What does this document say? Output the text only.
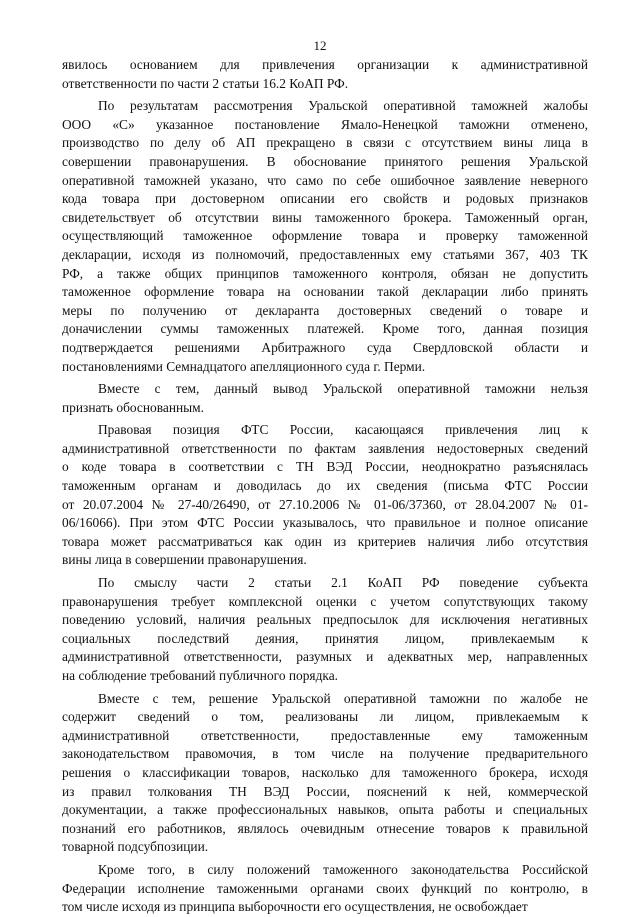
12
явилось основанием для привлечения организации к административной
ответственности по части 2 статьи 16.2 КоАП РФ.
По результатам рассмотрения Уральской оперативной таможней жалобы
ООО «С» указанное постановление Ямало-Ненецкой таможни отменено,
производство по делу об АП прекращено в связи с отсутствием вины лица в
совершении правонарушения. В обоснование принятого решения Уральской
оперативной таможней указано, что само по себе ошибочное заявление неверного
кода товара при достоверном описании его свойств и родовых признаков
свидетельствует об отсутствии вины таможенного брокера. Таможенный орган,
осуществляющий таможенное оформление товара и проверку таможенной
декларации, исходя из полномочий, предоставленных ему статьями 367, 403 ТК
РФ, а также общих принципов таможенного контроля, обязан не допустить
таможенное оформление товара на основании такой декларации либо принять
меры по получению от декларанта достоверных сведений о товаре и
доначислении суммы таможенных платежей. Кроме того, данная позиция
подтверждается решениями Арбитражного суда Свердловской области и
постановлениями Семнадцатого апелляционного суда г. Перми.
Вместе с тем, данный вывод Уральской оперативной таможни нельзя
признать обоснованным.
Правовая позиция ФТС России, касающаяся привлечения лиц к
административной ответственности по фактам заявления недостоверных сведений
о коде товара в соответствии с ТН ВЭД России, неоднократно разъяснялась
таможенным органам и доводилась до их сведения (письма ФТС России
от 20.07.2004 № 27-40/26490, от 27.10.2006 № 01-06/37360, от 28.04.2007 № 01-
06/16066). При этом ФТС России указывалось, что правильное и полное описание
товара может рассматриваться как один из критериев наличия либо отсутствия
вины лица в совершении правонарушения.
По смыслу части 2 статьи 2.1 КоАП РФ поведение субъекта
правонарушения требует комплексной оценки с учетом сопутствующих такому
поведению условий, наличия реальных предпосылок для исключения негативных
социальных последствий деяния, принятия лицом, привлекаемым к
административной ответственности, разумных и адекватных мер, направленных
на соблюдение требований публичного порядка.
Вместе с тем, решение Уральской оперативной таможни по жалобе не
содержит сведений о том, реализованы ли лицом, привлекаемым к
административной ответственности, предоставленные ему таможенным
законодательством правомочия, в том числе на получение предварительного
решения о классификации товаров, насколько для таможенного брокера, исходя
из правил толкования ТН ВЭД России, пояснений к ней, коммерческой
документации, а также профессиональных навыков, опыта работы и специальных
познаний его работников, являлось очевидным отнесение товаров к правильной
товарной подсубпозиции.
Кроме того, в силу положений таможенного законодательства Российской
Федерации исполнение таможенными органами своих функций по контролю, в
том числе исходя из принципа выборочности его осуществления, не освобождает
